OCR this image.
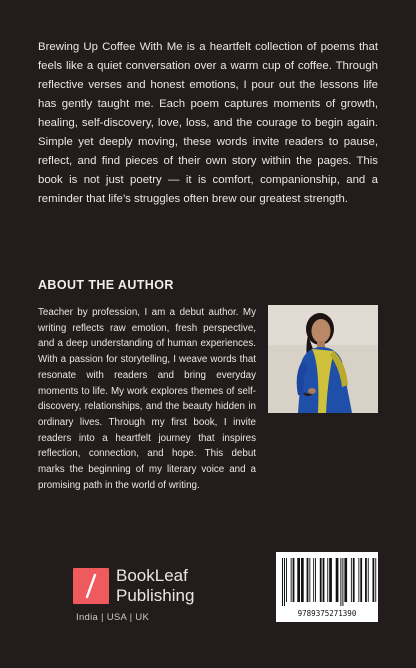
Brewing Up Coffee With Me is a heartfelt collection of poems that feels like a quiet conversation over a warm cup of coffee. Through reflective verses and honest emotions, I pour out the lessons life has gently taught me. Each poem captures moments of growth, healing, self-discovery, love, loss, and the courage to begin again. Simple yet deeply moving, these words invite readers to pause, reflect, and find pieces of their own story within the pages. This book is not just poetry — it is comfort, companionship, and a reminder that life’s struggles often brew our greatest strength.

ABOUT THE AUTHOR

Teacher by profession, I am a debut author. My writing reflects raw emotion, fresh perspective, and a deep understanding of human experiences. With a passion for storytelling, I weave words that resonate with readers and bring everyday moments to life. My work explores themes of self-discovery, relationships, and the beauty hidden in ordinary lives. Through my first book, I invite readers into a heartfelt journey that inspires reflection, connection, and hope. This debut marks the beginning of my literary voice and a promising path in the world of writing.

BookLeaf
Publishing
India | USA | UK	9789375271390
